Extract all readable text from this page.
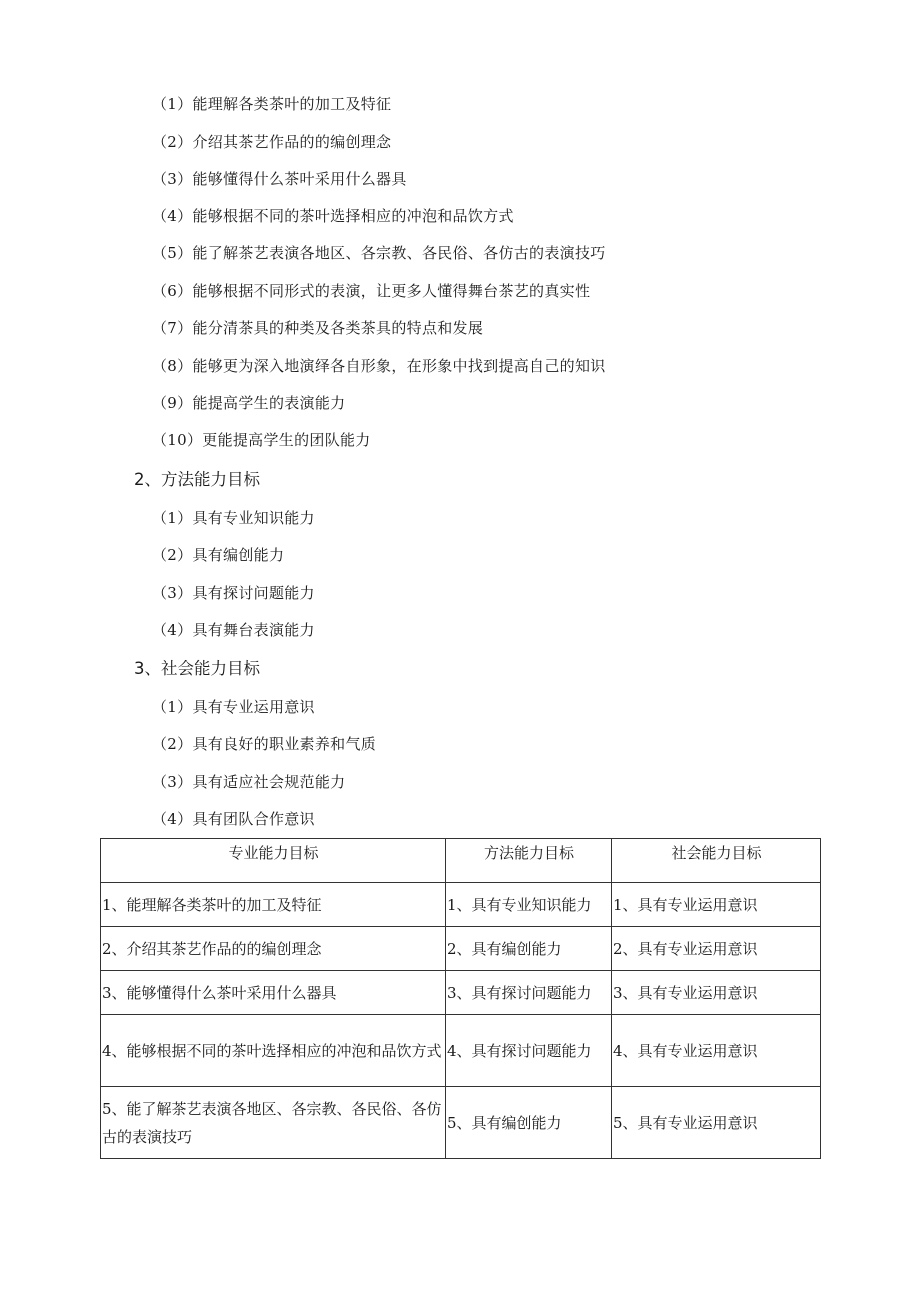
（1）能理解各类茶叶的加工及特征
（2）介绍其茶艺作品的的编创理念
（3）能够懂得什么茶叶采用什么器具
（4）能够根据不同的茶叶选择相应的冲泡和品饮方式
（5）能了解茶艺表演各地区、各宗教、各民俗、各仿古的表演技巧
（6）能够根据不同形式的表演，让更多人懂得舞台茶艺的真实性
（7）能分清茶具的种类及各类茶具的特点和发展
（8）能够更为深入地演绎各自形象，在形象中找到提高自己的知识
（9）能提高学生的表演能力
（10）更能提高学生的团队能力
2、方法能力目标
（1）具有专业知识能力
（2）具有编创能力
（3）具有探讨问题能力
（4）具有舞台表演能力
3、社会能力目标
（1）具有专业运用意识
（2）具有良好的职业素养和气质
（3）具有适应社会规范能力
（4）具有团队合作意识
专业能力目标	方法能力目标	社会能力目标
1、能理解各类茶叶的加工及特征	1、具有专业知识能力	1、具有专业运用意识
2、介绍其茶艺作品的的编创理念	2、具有编创能力	2、具有专业运用意识
3、能够懂得什么茶叶采用什么器具	3、具有探讨问题能力	3、具有专业运用意识
4、能够根据不同的茶叶选择相应的冲泡和品饮方式	4、具有探讨问题能力	4、具有专业运用意识
5、能了解茶艺表演各地区、各宗教、各民俗、各仿古的表演技巧	5、具有编创能力	5、具有专业运用意识
